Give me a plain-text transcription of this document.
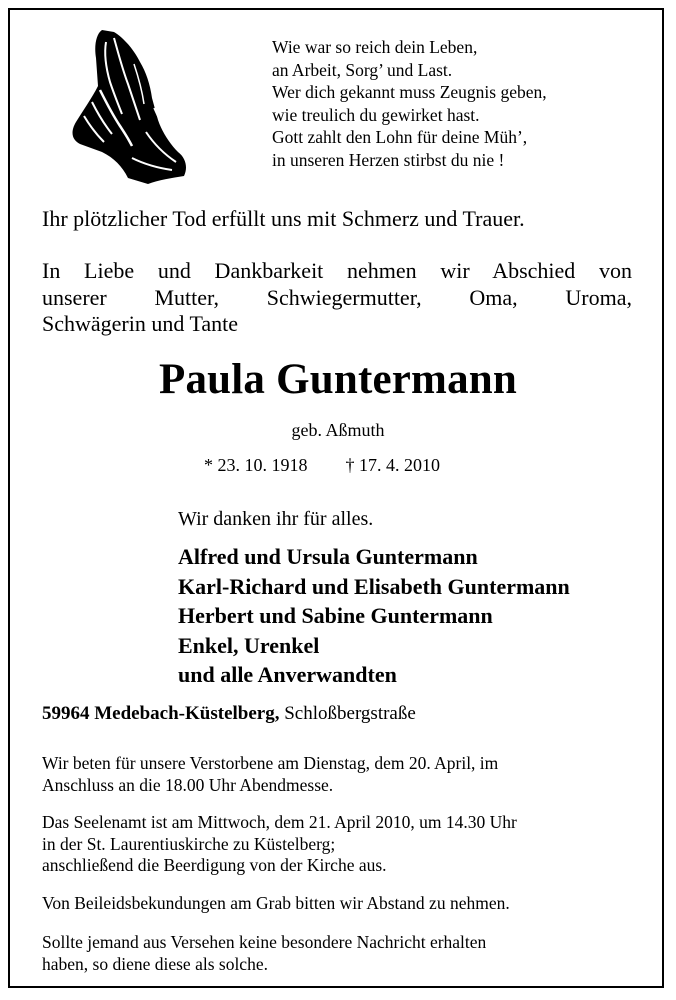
Wie war so reich dein Leben,
an Arbeit, Sorg’ und Last.
Wer dich gekannt muss Zeugnis geben,
wie treulich du gewirket hast.
Gott zahlt den Lohn für deine Müh’,
in unseren Herzen stirbst du nie !
Ihr plötzlicher Tod erfüllt uns mit Schmerz und Trauer.
In Liebe und Dankbarkeit nehmen wir Abschied von
unserer Mutter, Schwiegermutter, Oma, Uroma,
Schwägerin und Tante
Paula Guntermann
geb. Aßmuth
* 23. 10. 1918 † 17. 4. 2010
Wir danken ihr für alles.
Alfred und Ursula Guntermann
Karl-Richard und Elisabeth Guntermann
Herbert und Sabine Guntermann
Enkel, Urenkel
und alle Anverwandten
59964 Medebach-Küstelberg, Schloßbergstraße
Wir beten für unsere Verstorbene am Dienstag, dem 20. April, im
Anschluss an die 18.00 Uhr Abendmesse.
Das Seelenamt ist am Mittwoch, dem 21. April 2010, um 14.30 Uhr
in der St. Laurentiuskirche zu Küstelberg;
anschließend die Beerdigung von der Kirche aus.
Von Beileidsbekundungen am Grab bitten wir Abstand zu nehmen.
Sollte jemand aus Versehen keine besondere Nachricht erhalten
haben, so diene diese als solche.
